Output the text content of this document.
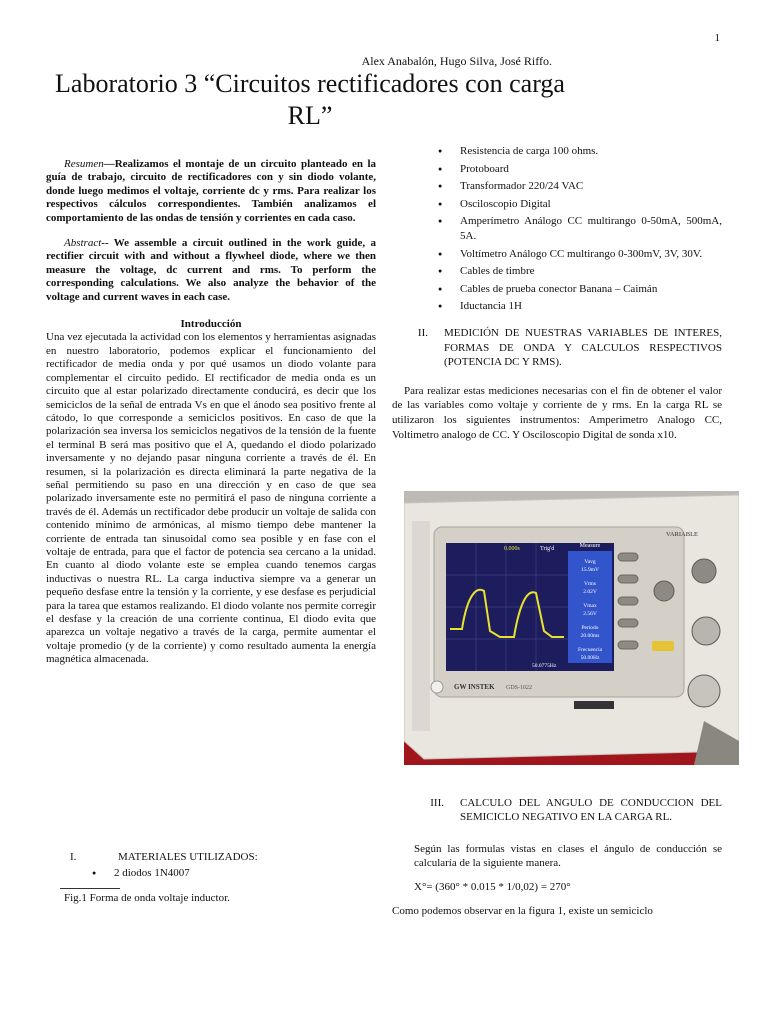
1
Alex Anabalón, Hugo Silva, José Riffo.
Laboratorio 3 “Circuitos rectificadores con carga RL”

Resumen—Realizamos el montaje de un circuito planteado en la guía de trabajo, circuito de rectificadores con y sin diodo volante, donde luego medimos el voltaje, corriente dc y rms. Para realizar los respectivos cálculos correspondientes. También analizamos el comportamiento de las ondas de tensión y corrientes en cada caso.

Abstract-- We assemble a circuit outlined in the work guide, a rectifier circuit with and without a flywheel diode, where we then measure the voltage, dc current and rms. To perform the corresponding calculations. We also analyze the behavior of the voltage and current waves in each case.

Introducción

Una vez ejecutada la actividad con los elementos y herramientas asignadas en nuestro laboratorio, podemos explicar el funcionamiento del rectificador de media onda y por qué usamos un diodo volante para complementar el circuito pedido. El rectificador de media onda es un circuito que al estar polarizado directamente conducirá, es decir que los semiciclos de la señal de entrada Vs en que el ánodo sea positivo frente al cátodo, lo que corresponde a semiciclos positivos. En caso de que la polarización sea inversa los semiciclos negativos de la tensión de la fuente el terminal B será mas positivo que el A, quedando el diodo polarizado inversamente y no dejando pasar ninguna corriente a través de él. En resumen, si la polarización es directa eliminará la parte negativa de la señal permitiendo su paso en una dirección y en caso de que sea polarizado inversamente este no permitirá el paso de ninguna corriente a través de él. Además un rectificador debe producir un voltaje de salida con contenido mínimo de armónicas, al mismo tiempo debe mantener la corriente de entrada tan sinusoidal como sea posible y en fase con el voltaje de entrada, para que el factor de potencia sea cercano a la unidad. En cuanto al diodo volante este se emplea cuando tenemos cargas inductivas o nuestra RL. La carga inductiva siempre va a generar un pequeño desfase entre la tensión y la corriente, y ese desfase es perjudicial para la tarea que estamos realizando. El diodo volante nos permite corregir el desfase y la creación de una corriente continua, El diodo evita que aparezca un voltaje negativo a través de la carga, permite aumentar el voltaje promedio (y de la corriente) y como resultado aumenta la energía magnética almacenada.

I.	MATERIALES UTILIZADOS:
● 2 diodos 1N4007
Fig.1 Forma de onda voltaje inductor.
● Resistencia de carga 100 ohms.
● Protoboard
● Transformador 220/24 VAC
● Osciloscopio Digital
● Amperímetro Análogo CC multirango 0-50mA, 500mA, 5A.
● Voltímetro Análogo CC multirango 0-300mV, 3V, 30V.
● Cables de timbre
● Cables de prueba conector Banana – Caimán
● Iductancia 1H
II.	MEDICIÓN DE NUESTRAS VARIABLES DE INTERES, FORMAS DE ONDA Y CALCULOS RESPECTIVOS (POTENCIA DC Y RMS).

Para realizar estas mediciones necesarias con el fin de obtener el valor de las variables como voltaje y corriente de y rms. En la carga RL se utilizaron los siguientes instrumentos: Amperimetro Analogo CC, Voltimetro analogo de CC. Y Osciloscopio Digital de sonda x10.

Measure
Vavg
15.9mV
Vrms
2.02V
Vmax
2.56V
Periodo
20.00ms
Frecuencia
50.00Hz
0.000s	Trig'd
50.0775Hz
VARIABLE
GW INSTEK GDS-1022
III.	CALCULO DEL ANGULO DE CONDUCCION DEL SEMICICLO NEGATIVO EN LA CARGA RL.

Según las formulas vistas en clases el ángulo de conducción se calcularía de la siguiente manera.

X°= (360° * 0.015 * 1/0,02) = 270°

Como podemos observar en la figura 1, existe un semiciclo
